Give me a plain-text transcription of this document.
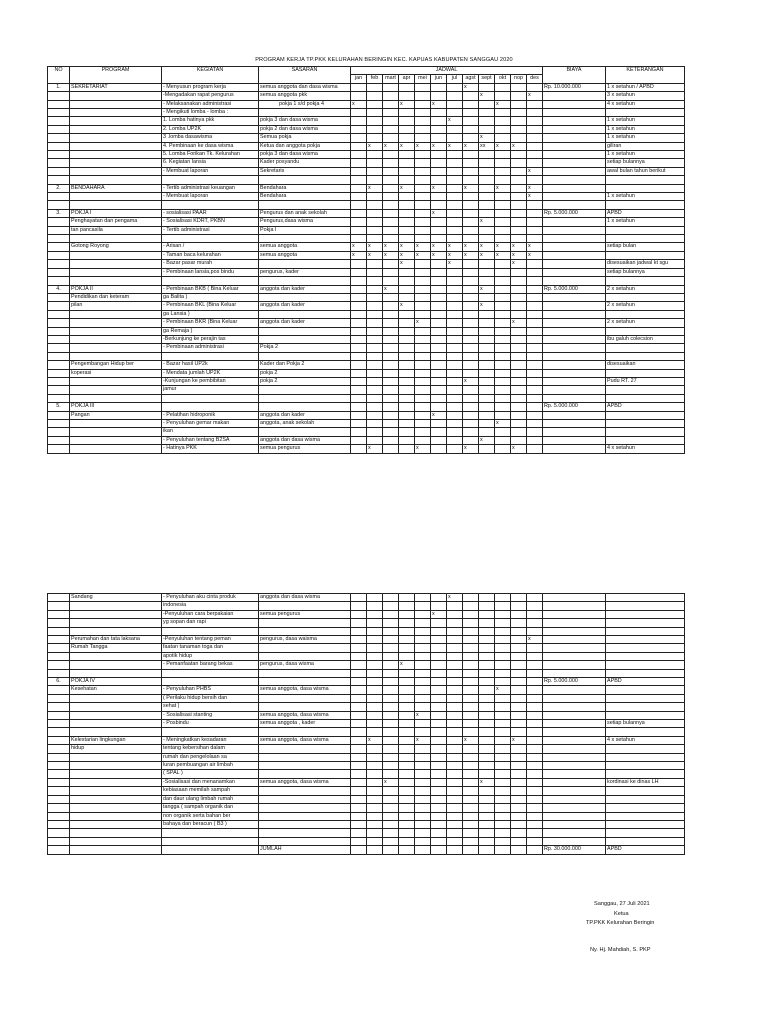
PROGRAM KERJA TP.PKK KELURAHAN BERINGIN KEC. KAPUAS KABUPATEN SANGGAU 2020
NO	PROGRAM	KEGIATAN	SASARAN	JADWAL												BIAYA	KETERANGAN
				jan	feb	mart	apr	mei	jun	jul	agst	sept	okt	nop	des		
1.	SEKRETARIAT	- Menyusun program kerja	semua anggota dan dasa wisma								x					Rp. 10.000.000	1 x setahun / APBD
		-Mengadakan rapat pengurus	semua anggota pkk									x			x		3 x setahun
		- Melaksanakan administrasi	pokja 1 s/d pokja 4	x			x		x				x				4 x setahun
		- Mengikuti lomba - lomba :															
		1. Lomba hatinya pkk	pokja 3 dan dasa wisma							x							1 x setahun
		2. Lomba UP2K	pokja 2 dan dasa wisma														1 x setahun
		3 .lomba dasawisma	Semua pokja									x					1 x setahun
		4. Pembinaan ke dasa wisma	Ketua dan anggota pokja		x	x	x	x	x	x	x	xx	x	x			giliran
		5. Lomba Forikan Tk. Kelurahan	pokja 3 dan dasa wisma														1 x setahun
		6. Kegiatan lansia	Kader posyandu														setiap bulannya
		- Membuat laporan	Sekretaris												x		awal bulan tahun berikut

2.	BENDAHARA	- Tertib administrasi keuangan	Bendahara		x		x		x		x		x		x		
		- Membuat laporan	Bendahara												x		1 x setahun

3.	POKJA I	- sosialisasi PAAR	Pengurus dan anak sekolah						x							Rp. 5.000.000	APBD
	Penghayatan dan pengama	- Sosialisasi KDRT, PKBN	Pengurus,dasa wisma									x					1 x setahun
	tan pancasila	- Tertib administrasi	Pokja I														

	Gotong Royong	- Arisan /	semua anggota	x	x	x	x	x	x	x	x	x	x	x	x		setiap bulan
		- Taman baca kelurahan	semua anggota	x	x	x	x	x	x	x	x	x	x	x	x		
		- Bazar pasar murah					x			x				x			disesuaikan jadwal kt sgu
		- Pembinaan lansia,pos bindu	pengurus, kader														setiap bulannya

4.	POKJA II	- Pembinaan BKB ( Bina Keluar	anggota dan kader			x						x				Rp. 5.000.000	2 x setahun
	Pendidikan dan keteram	ga Balita )															
	pilan	- Pembinaan BKL (Bina Keluar	anggota dan kader				x					x					2 x setahun
		ga Lansia )															
		- Pembinaan BKR (Bina Keluar	anggota dan kader					x						x			2 x setahun
		ga Remaja )															
		-Berkunjung ke perajin tas															ibu galuh colecsion
		- Pembinaan administrasi	Pokja 2														

	Pengembangan Hidup ber	- Bazar hasil UP2k	Kader dan Pokja 2														disesuaikan
	koperasi	- Mendata jumlah UP2K	pokja 2														
		-Kunjungan ke pembibitan	pokja 2								x						Pudu RT. 27
		jamur															

5.	POKJA III															Rp. 5.000.000	APBD
	Pangan	- Pelatihan hidroponik	anggota dan kader						x								
		- Penyuluhan gemar makan	anggota, anak sekolah										x				
		ikan															
		- Penyuluhan tentang B2SA	anggota dan dasa wisma									x					
		- Hatinya PKK	semua pengurus		x			x			x			x			4 x setahun
	Sandang	- Penyuluhan aku cinta produk	anggota dan dasa wisma							x							
		indonesia															
		-Penyuluhan cara berpakaian	semua pengurus						x								
		yg sopan dan rapi															

	Perumahan dan tata laksana	-Penyuluhan tentang peman	pengurus, dasa waisma												x		
	Rumah Tangga	faatan tanaman toga dan															
		apotik hidup															
		- Pemanfaatan barang bekas	pengurus, dasa wisma				x										

6.	POKJA IV															Rp. 5.000.000	APBD
	Kesehatan	- Penyuluhan PHBS	semua anggota, dasa wisma										x				
		( Perilaku hidup bersih dan															
		sehat )															
		- Sosialisasi stanting	semua anggota, dasa wisma					x									
		- Posbindu	semua anggota , kader														setiap bulannya

	Kelestarian lingkungan	- Meningkatkan kesadaran	semua anggota, dasa wisma		x			x			x			x			4 x setahun
	hidup	tentang kebersihan dalam															
		rumah dan pengelolaan sa															
		luran pembuangan air limbah															
		( SPAL )															
		-Sosialisasi dan menanamkan	semua anggota, dasa wisma			x						x					kordinasi ke dinas LH
		kebiasaan memilah sampah															
		dan daur ulang limbah rumah															
		tangga ( sampah organik dan															
		non organik serta bahan ber															
		bahaya dan beracun ( B3 )															

			JUMLAH													Rp. 30.000.000	APBD
Sanggau, 27 Juli 2021
Ketua
TP.PKK Kelurahan Beringin
Ny. Hj. Mahdiah, S. PKP
